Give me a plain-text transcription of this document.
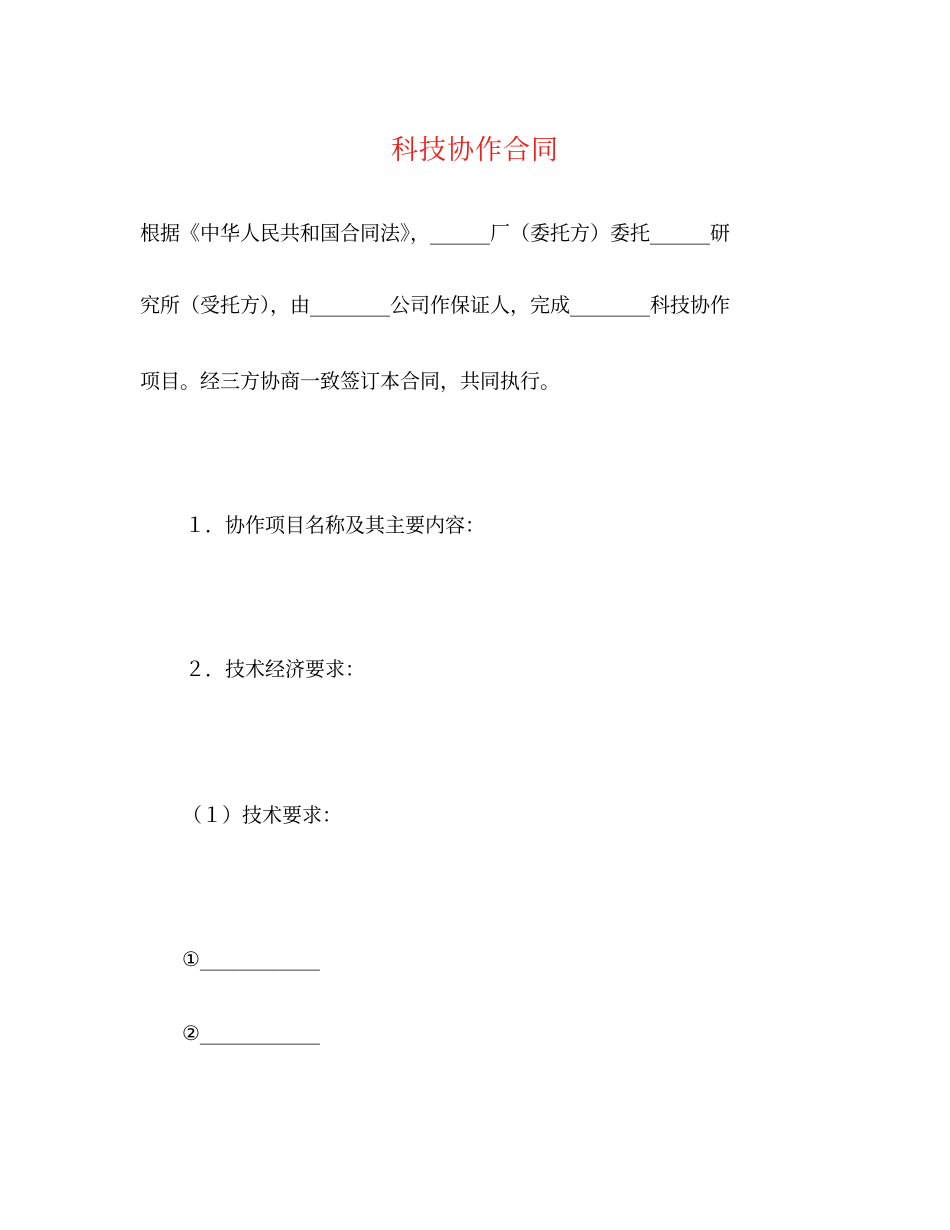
科技协作合同
根据《中华人民共和国合同法》，______厂（委托方）委托______研
究所（受托方），由________公司作保证人，完成________科技协作
项目。经三方协商一致签订本合同，共同执行。
１．协作项目名称及其主要内容：
２．技术经济要求：
（１）技术要求：
①____________
②____________
